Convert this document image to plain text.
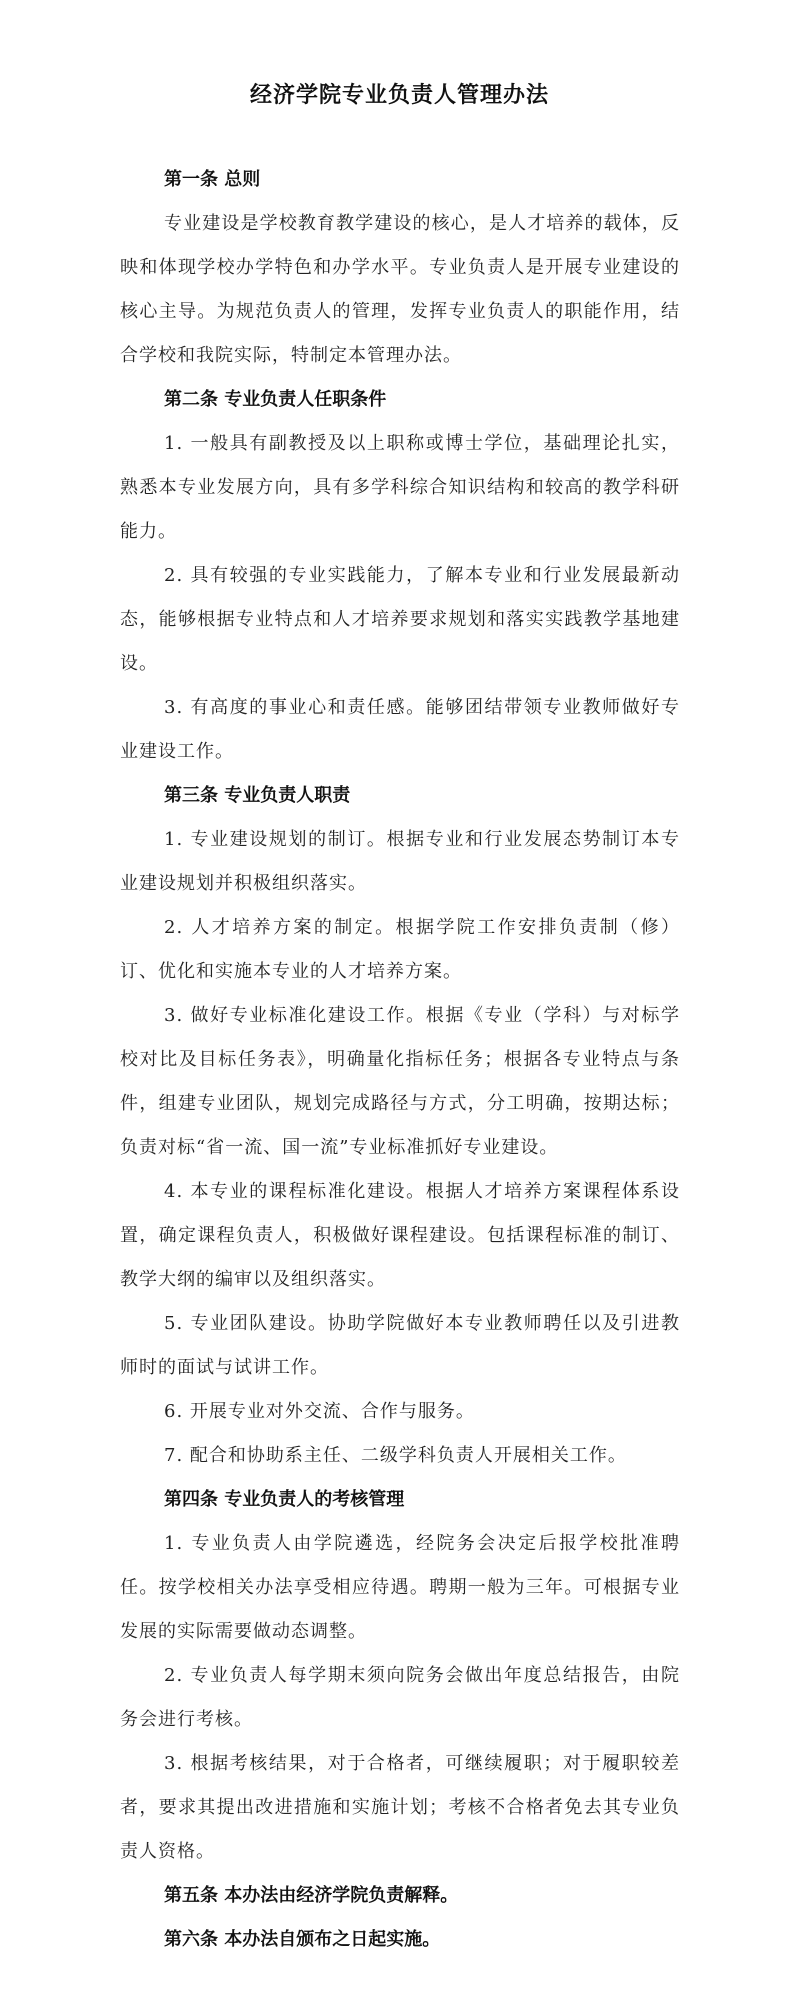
经济学院专业负责人管理办法
第一条 总则
专业建设是学校教育教学建设的核心，是人才培养的载体，反映和体现学校办学特色和办学水平。专业负责人是开展专业建设的核心主导。为规范负责人的管理，发挥专业负责人的职能作用，结合学校和我院实际，特制定本管理办法。
第二条 专业负责人任职条件
1. 一般具有副教授及以上职称或博士学位，基础理论扎实，熟悉本专业发展方向，具有多学科综合知识结构和较高的教学科研能力。
2. 具有较强的专业实践能力，了解本专业和行业发展最新动态，能够根据专业特点和人才培养要求规划和落实实践教学基地建设。
3. 有高度的事业心和责任感。能够团结带领专业教师做好专业建设工作。
第三条 专业负责人职责
1. 专业建设规划的制订。根据专业和行业发展态势制订本专业建设规划并积极组织落实。
2. 人才培养方案的制定。根据学院工作安排负责制（修）订、优化和实施本专业的人才培养方案。
3. 做好专业标准化建设工作。根据《专业（学科）与对标学校对比及目标任务表》，明确量化指标任务；根据各专业特点与条件，组建专业团队，规划完成路径与方式，分工明确，按期达标；负责对标“省一流、国一流”专业标准抓好专业建设。
4. 本专业的课程标准化建设。根据人才培养方案课程体系设置，确定课程负责人，积极做好课程建设。包括课程标准的制订、教学大纲的编审以及组织落实。
5. 专业团队建设。协助学院做好本专业教师聘任以及引进教师时的面试与试讲工作。
6. 开展专业对外交流、合作与服务。
7. 配合和协助系主任、二级学科负责人开展相关工作。
第四条 专业负责人的考核管理
1. 专业负责人由学院遴选，经院务会决定后报学校批准聘任。按学校相关办法享受相应待遇。聘期一般为三年。可根据专业发展的实际需要做动态调整。
2. 专业负责人每学期末须向院务会做出年度总结报告，由院务会进行考核。
3. 根据考核结果，对于合格者，可继续履职；对于履职较差者，要求其提出改进措施和实施计划；考核不合格者免去其专业负责人资格。
第五条 本办法由经济学院负责解释。
第六条 本办法自颁布之日起实施。
